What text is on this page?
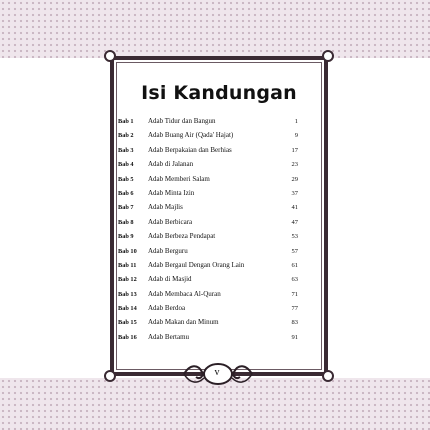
Isi Kandungan
Bab 1	Adab Tidur dan Bangun	1
Bab 2	Adab Buang Air (Qada' Hajat)	9
Bab 3	Adab Berpakaian dan Berhias	17
Bab 4	Adab di Jalanan	23
Bab 5	Adab Memberi Salam	29
Bab 6	Adab Minta Izin	37
Bab 7	Adab Majlis	41
Bab 8	Adab Berbicara	47
Bab 9	Adab Berbeza Pendapat	53
Bab 10	Adab Berguru	57
Bab 11	Adab Bergaul Dengan Orang Lain	61
Bab 12	Adab di Masjid	63
Bab 13	Adab Membaca Al-Quran	71
Bab 14	Adab Berdoa	77
Bab 15	Adab Makan dan Minum	83
Bab 16	Adab Bertamu	91
v
